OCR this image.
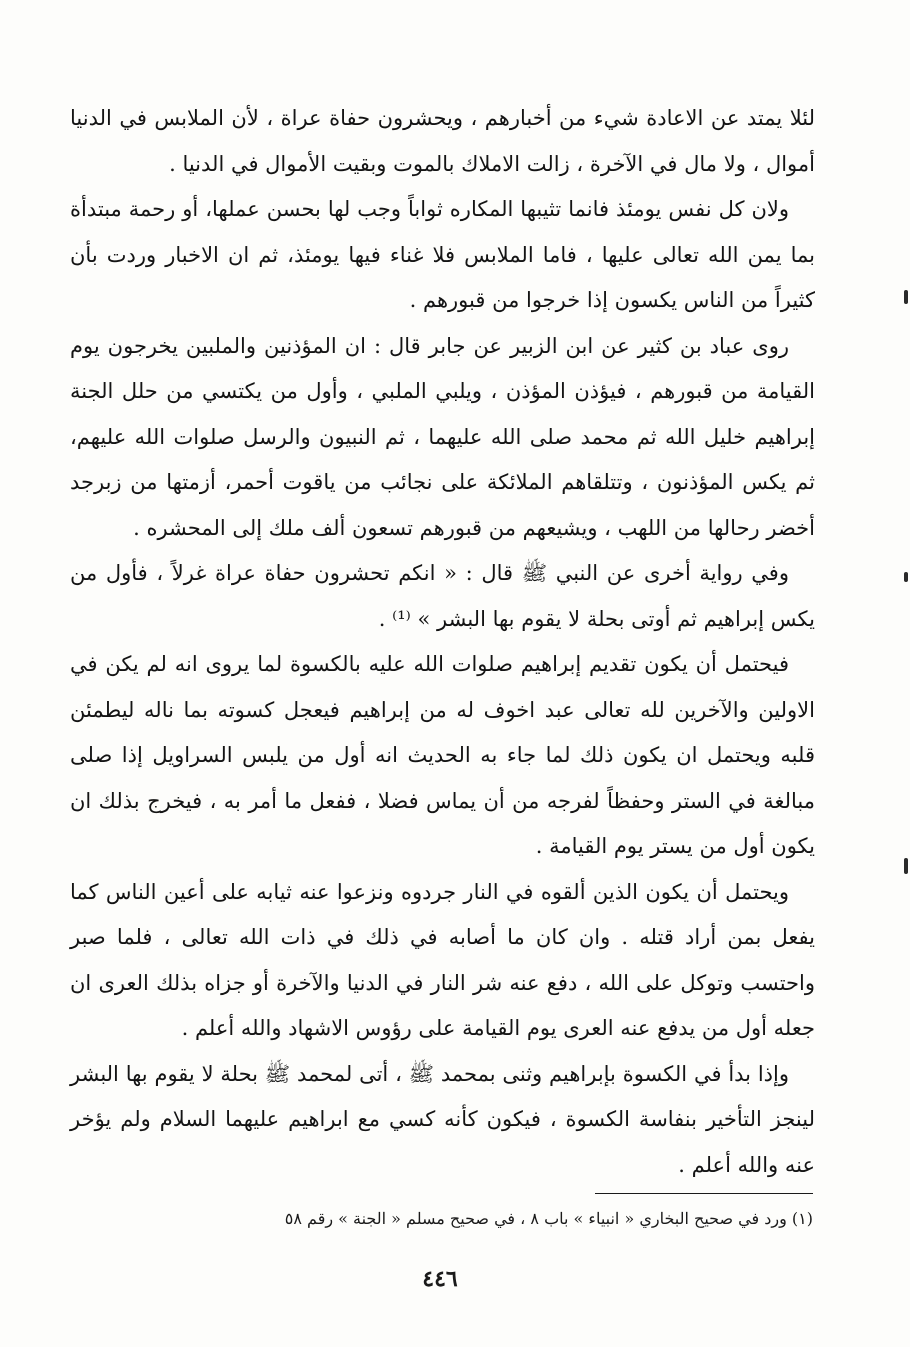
لئلا يمتد عن الاعادة شيء من أخبارهم ، ويحشرون حفاة عراة ، لأن الملابس في الدنيا أموال ، ولا مال في الآخرة ، زالت الاملاك بالموت وبقيت الأموال في الدنيا .

ولان كل نفس يومئذ فانما تثيبها المكاره ثواباً وجب لها بحسن عملها، أو رحمة مبتدأة بما يمن الله تعالى عليها ، فاما الملابس فلا غناء فيها يومئذ، ثم ان الاخبار وردت بأن كثيراً من الناس يكسون إذا خرجوا من قبورهم .

روى عباد بن كثير عن ابن الزبير عن جابر قال : ان المؤذنين والملبين يخرجون يوم القيامة من قبورهم ، فيؤذن المؤذن ، ويلبي الملبي ، وأول من يكتسي من حلل الجنة إبراهيم خليل الله ثم محمد صلى الله عليهما ، ثم النبيون والرسل صلوات الله عليهم، ثم يكس المؤذنون ، وتتلقاهم الملائكة على نجائب من ياقوت أحمر، أزمتها من زبرجد أخضر رحالها من اللهب ، ويشيعهم من قبورهم تسعون ألف ملك إلى المحشره .

وفي رواية أخرى عن النبي ﷺ قال : « انكم تحشرون حفاة عراة غرلاً ، فأول من يكس إبراهيم ثم أوتى بحلة لا يقوم بها البشر » ⁽¹⁾ .

فيحتمل أن يكون تقديم إبراهيم صلوات الله عليه بالكسوة لما يروى انه لم يكن في الاولين والآخرين لله تعالى عبد اخوف له من إبراهيم فيعجل كسوته بما ناله ليطمئن قلبه ويحتمل ان يكون ذلك لما جاء به الحديث انه أول من يلبس السراويل إذا صلى مبالغة في الستر وحفظاً لفرجه من أن يماس فضلا ، ففعل ما أمر به ، فيخرج بذلك ان يكون أول من يستر يوم القيامة .

ويحتمل أن يكون الذين ألقوه في النار جردوه ونزعوا عنه ثيابه على أعين الناس كما يفعل بمن أراد قتله . وان كان ما أصابه في ذلك في ذات الله تعالى ، فلما صبر واحتسب وتوكل على الله ، دفع عنه شر النار في الدنيا والآخرة أو جزاه بذلك العرى ان جعله أول من يدفع عنه العرى يوم القيامة على رؤوس الاشهاد والله أعلم .

وإذا بدأ في الكسوة بإبراهيم وثنى بمحمد ﷺ ، أتى لمحمد ﷺ بحلة لا يقوم بها البشر لينجز التأخير بنفاسة الكسوة ، فيكون كأنه كسي مع ابراهيم عليهما السلام ولم يؤخر عنه والله أعلم .

(١) ورد في صحيح البخاري « انبياء » باب ٨ ، في صحيح مسلم « الجنة » رقم ٥٨
٤٤٦
